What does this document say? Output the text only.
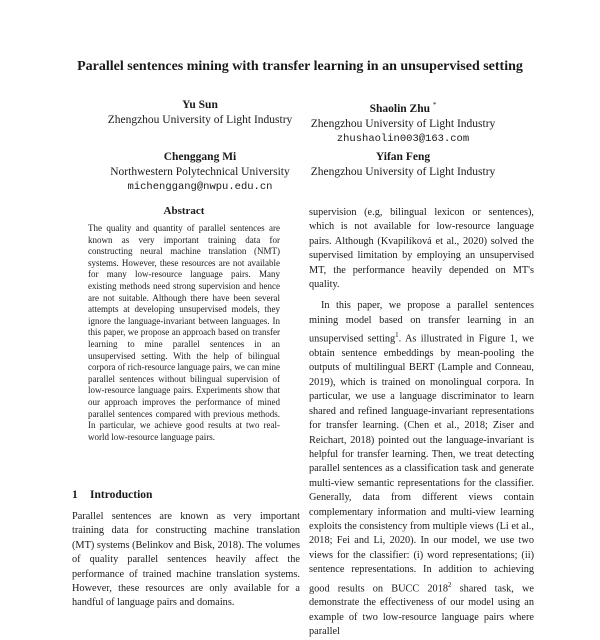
Parallel sentences mining with transfer learning in an unsupervised setting
Yu Sun
Zhengzhou University of Light Industry
Shaolin Zhu *
Zhengzhou University of Light Industry
zhushaolin003@163.com
Chenggang Mi
Northwestern Polytechnical University
michenggang@nwpu.edu.cn
Yifan Feng
Zhengzhou University of Light Industry
Abstract

The quality and quantity of parallel sentences are known as very important training data for constructing neural machine translation (NMT) systems. However, these resources are not available for many low-resource language pairs. Many existing methods need strong supervision and hence are not suitable. Although there have been several attempts at developing unsupervised models, they ignore the language-invariant between languages. In this paper, we propose an approach based on transfer learning to mine parallel sentences in an unsupervised setting. With the help of bilingual corpora of rich-resource language pairs, we can mine parallel sentences without bilingual supervision of low-resource language pairs. Experiments show that our approach improves the performance of mined parallel sentences compared with previous methods. In particular, we achieve good results at two real-world low-resource language pairs.

1 Introduction

Parallel sentences are known as very important training data for constructing machine translation (MT) systems (Belinkov and Bisk, 2018). The volumes of quality parallel sentences heavily affect the performance of trained machine translation systems. However, these resources are only available for a handful of language pairs and domains.

supervision (e.g, bilingual lexicon or sentences), which is not available for low-resource language pairs. Although (Kvapilíková et al., 2020) solved the supervised limitation by employing an unsupervised MT, the performance heavily depended on MT's quality.

In this paper, we propose a parallel sentences mining model based on transfer learning in an unsupervised setting$^1$. As illustrated in Figure 1, we obtain sentence embeddings by mean-pooling the outputs of multilingual BERT (Lample and Conneau, 2019), which is trained on monolingual corpora. In particular, we use a language discriminator to learn shared and refined language-invariant representations for transfer learning. (Chen et al., 2018; Ziser and Reichart, 2018) pointed out the language-invariant is helpful for transfer learning. Then, we treat detecting parallel sentences as a classification task and generate multi-view semantic representations for the classifier. Generally, data from different views contain complementary information and multi-view learning exploits the consistency from multiple views (Li et al., 2018; Fei and Li, 2020). In our model, we use two views for the classifier: (i) word representations; (ii) sentence representations. In addition to achieving good results on BUCC 2018$^2$ shared task, we demonstrate the effectiveness of our model using an example of two low-resource language pairs where parallel
